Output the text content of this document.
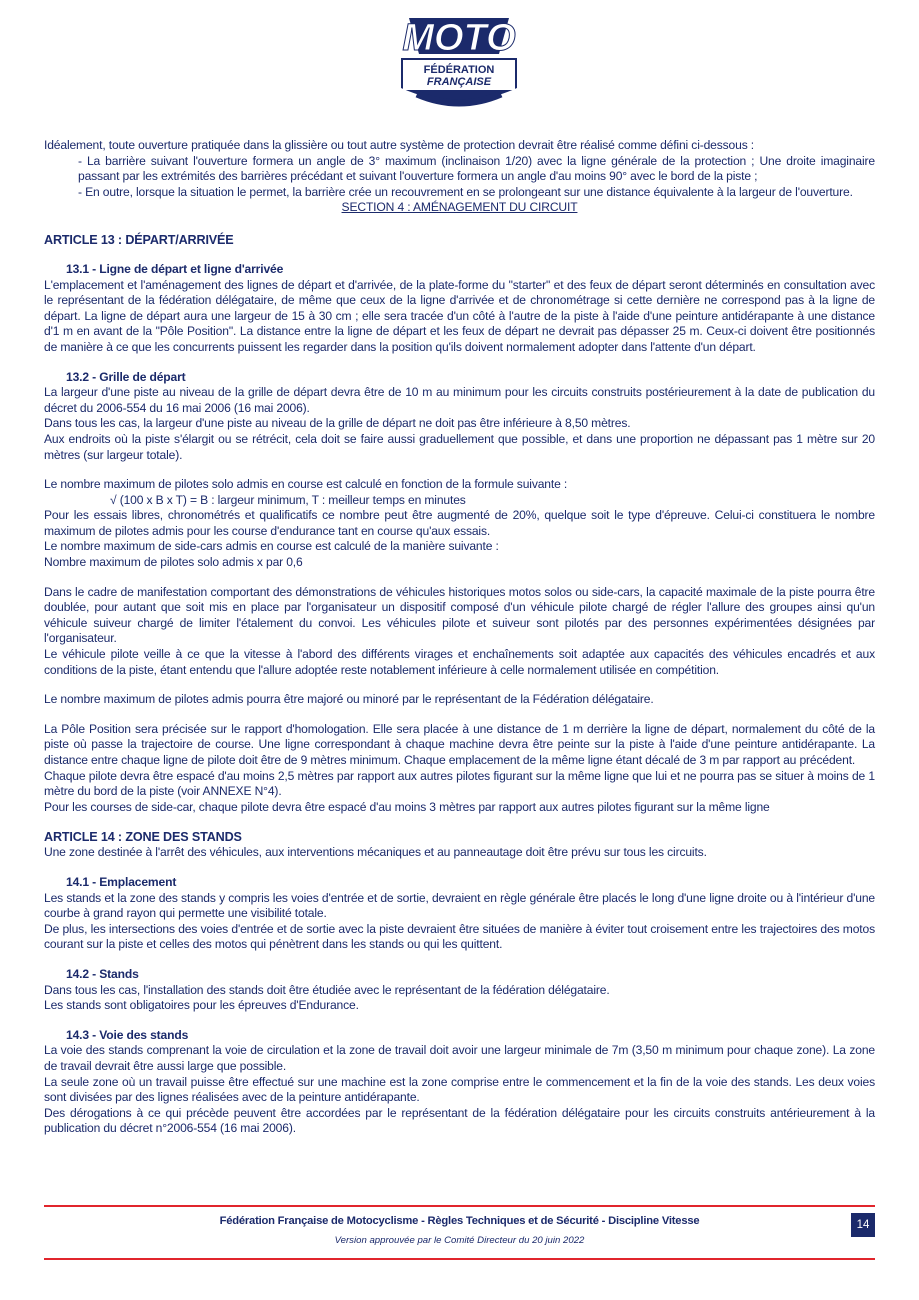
MOTO
FÉDÉRATION
FRANÇAISE

Idéalement, toute ouverture pratiquée dans la glissière ou tout autre système de protection devrait être réalisé comme défini ci-dessous :

- La barrière suivant l'ouverture formera un angle de 3° maximum (inclinaison 1/20) avec la ligne générale de la protection ; Une droite imaginaire passant par les extrémités des barrières précédant et suivant l'ouverture formera un angle d'au moins 90° avec le bord de la piste ;

- En outre, lorsque la situation le permet, la barrière crée un recouvrement en se prolongeant sur une distance équivalente à la largeur de l'ouverture.

SECTION 4 : AMÉNAGEMENT DU CIRCUIT

ARTICLE 13 : DÉPART/ARRIVÉE
13.1 - Ligne de départ et ligne d'arrivée

L'emplacement et l'aménagement des lignes de départ et d'arrivée, de la plate-forme du "starter" et des feux de départ seront déterminés en consultation avec le représentant de la fédération délégataire, de même que ceux de la ligne d'arrivée et de chronométrage si cette dernière ne correspond pas à la ligne de départ. La ligne de départ aura une largeur de 15 à 30 cm ; elle sera tracée d'un côté à l'autre de la piste à l'aide d'une peinture antidérapante à une distance d'1 m en avant de la "Pôle Position". La distance entre la ligne de départ et les feux de départ ne devrait pas dépasser 25 m. Ceux-ci doivent être positionnés de manière à ce que les concurrents puissent les regarder dans la position qu'ils doivent normalement adopter dans l'attente d'un départ.

13.2 - Grille de départ

La largeur d'une piste au niveau de la grille de départ devra être de 10 m au minimum pour les circuits construits postérieurement à la date de publication du décret du 2006-554 du 16 mai 2006 (16 mai 2006).

Dans tous les cas, la largeur d'une piste au niveau de la grille de départ ne doit pas être inférieure à 8,50 mètres.

Aux endroits où la piste s'élargit ou se rétrécit, cela doit se faire aussi graduellement que possible, et dans une proportion ne dépassant pas 1 mètre sur 20 mètres (sur largeur totale).

Le nombre maximum de pilotes solo admis en course est calculé en fonction de la formule suivante :

√ (100 x B x T) = B : largeur minimum, T : meilleur temps en minutes

Pour les essais libres, chronométrés et qualificatifs ce nombre peut être augmenté de 20%, quelque soit le type d'épreuve. Celui-ci constituera le nombre maximum de pilotes admis pour les course d'endurance tant en course qu'aux essais.

Le nombre maximum de side-cars admis en course est calculé de la manière suivante :

Nombre maximum de pilotes solo admis x par 0,6

Dans le cadre de manifestation comportant des démonstrations de véhicules historiques motos solos ou side-cars, la capacité maximale de la piste pourra être doublée, pour autant que soit mis en place par l'organisateur un dispositif composé d'un véhicule pilote chargé de régler l'allure des groupes ainsi qu'un véhicule suiveur chargé de limiter l'étalement du convoi. Les véhicules pilote et suiveur sont pilotés par des personnes expérimentées désignées par l'organisateur.

Le véhicule pilote veille à ce que la vitesse à l'abord des différents virages et enchaînements soit adaptée aux capacités des véhicules encadrés et aux conditions de la piste, étant entendu que l'allure adoptée reste notablement inférieure à celle normalement utilisée en compétition.

Le nombre maximum de pilotes admis pourra être majoré ou minoré par le représentant de la Fédération délégataire.

La Pôle Position sera précisée sur le rapport d'homologation. Elle sera placée à une distance de 1 m derrière la ligne de départ, normalement du côté de la piste où passe la trajectoire de course. Une ligne correspondant à chaque machine devra être peinte sur la piste à l'aide d'une peinture antidérapante. La distance entre chaque ligne de pilote doit être de 9 mètres minimum. Chaque emplacement de la même ligne étant décalé de 3 m par rapport au précédent.

Chaque pilote devra être espacé d'au moins 2,5 mètres par rapport aux autres pilotes figurant sur la même ligne que lui et ne pourra pas se situer à moins de 1 mètre du bord de la piste (voir ANNEXE N°4).

Pour les courses de side-car, chaque pilote devra être espacé d'au moins 3 mètres par rapport aux autres pilotes figurant sur la même ligne

ARTICLE 14 : ZONE DES STANDS

Une zone destinée à l'arrêt des véhicules, aux interventions mécaniques et au panneautage doit être prévu sur tous les circuits.

14.1 - Emplacement

Les stands et la zone des stands y compris les voies d'entrée et de sortie, devraient en règle générale être placés le long d'une ligne droite ou à l'intérieur d'une courbe à grand rayon qui permette une visibilité totale.

De plus, les intersections des voies d'entrée et de sortie avec la piste devraient être situées de manière à éviter tout croisement entre les trajectoires des motos courant sur la piste et celles des motos qui pénètrent dans les stands ou qui les quittent.

14.2 - Stands

Dans tous les cas, l'installation des stands doit être étudiée avec le représentant de la fédération délégataire.

Les stands sont obligatoires pour les épreuves d'Endurance.

14.3 - Voie des stands

La voie des stands comprenant la voie de circulation et la zone de travail doit avoir une largeur minimale de 7m (3,50 m minimum pour chaque zone). La zone de travail devrait être aussi large que possible.

La seule zone où un travail puisse être effectué sur une machine est la zone comprise entre le commencement et la fin de la voie des stands. Les deux voies sont divisées par des lignes réalisées avec de la peinture antidérapante.

Des dérogations à ce qui précède peuvent être accordées par le représentant de la fédération délégataire pour les circuits construits antérieurement à la publication du décret n°2006-554 (16 mai 2006).

Fédération Française de Motocyclisme - Règles Techniques et de Sécurité - Discipline Vitesse
Version approuvée par le Comité Directeur du 20 juin 2022
14
